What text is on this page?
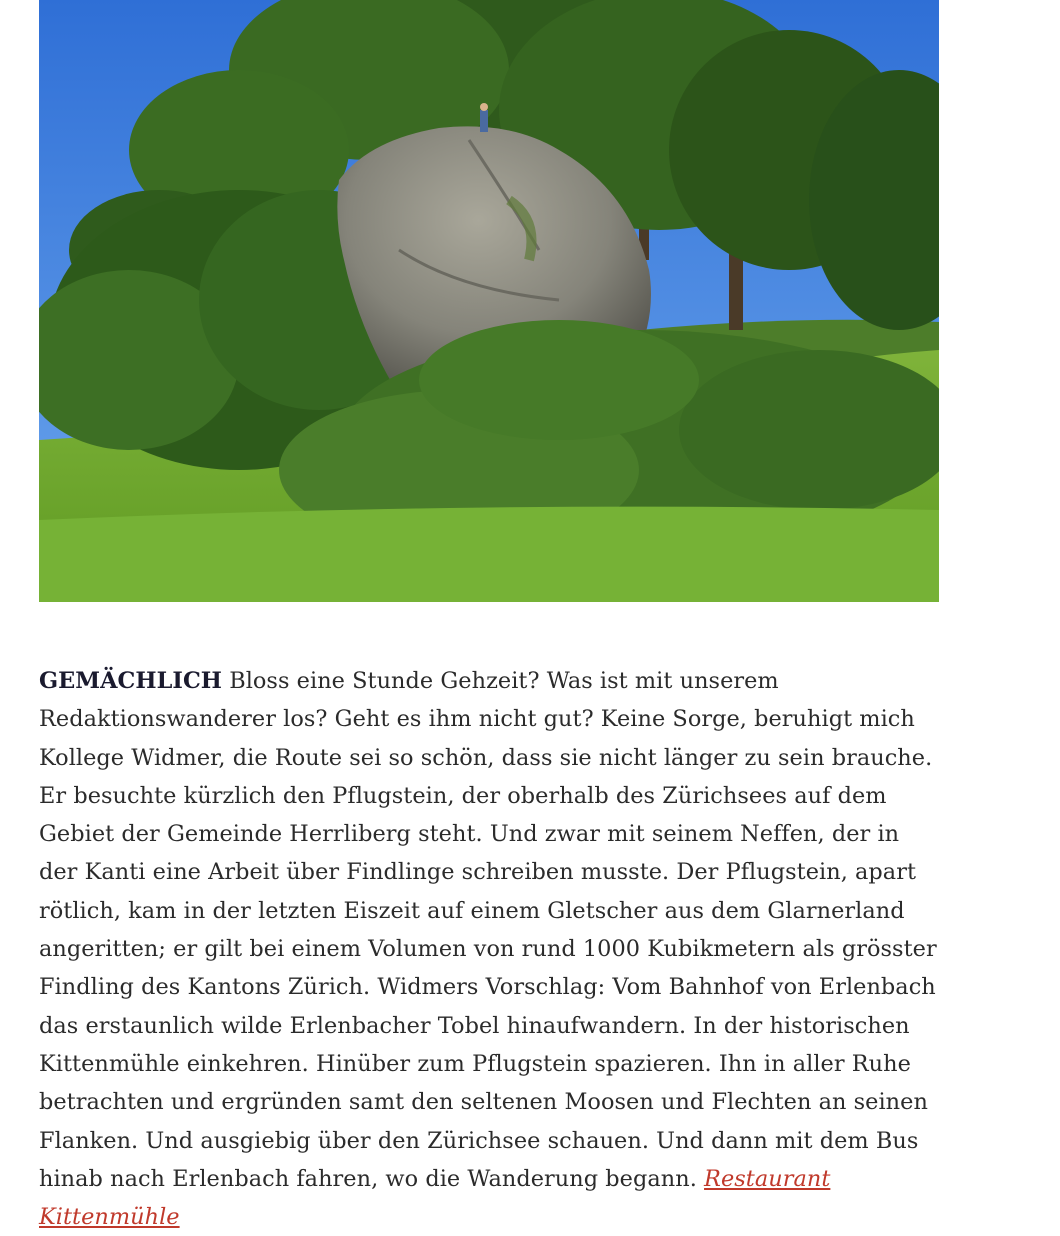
GEMÄCHLICH Bloss eine Stunde Gehzeit? Was ist mit unserem Redaktionswanderer los? Geht es ihm nicht gut? Keine Sorge, beruhigt mich Kollege Widmer, die Route sei so schön, dass sie nicht länger zu sein brauche. Er besuchte kürzlich den Pflugstein, der oberhalb des Zürichsees auf dem Gebiet der Gemeinde Herrliberg steht. Und zwar mit seinem Neffen, der in der Kanti eine Arbeit über Findlinge schreiben musste. Der Pflugstein, apart rötlich, kam in der letzten Eiszeit auf einem Gletscher aus dem Glarnerland angeritten; er gilt bei einem Volumen von rund 1000 Kubikmetern als grösster Findling des Kantons Zürich. Widmers Vorschlag: Vom Bahnhof von Erlenbach das erstaunlich wilde Erlenbacher Tobel hinaufwandern. In der historischen Kittenmühle einkehren. Hinüber zum Pflugstein spazieren. Ihn in aller Ruhe betrachten und ergründen samt den seltenen Moosen und Flechten an seinen Flanken. Und ausgiebig über den Zürichsee schauen. Und dann mit dem Bus hinab nach Erlenbach fahren, wo die Wanderung begann. Restaurant Kittenmühle
